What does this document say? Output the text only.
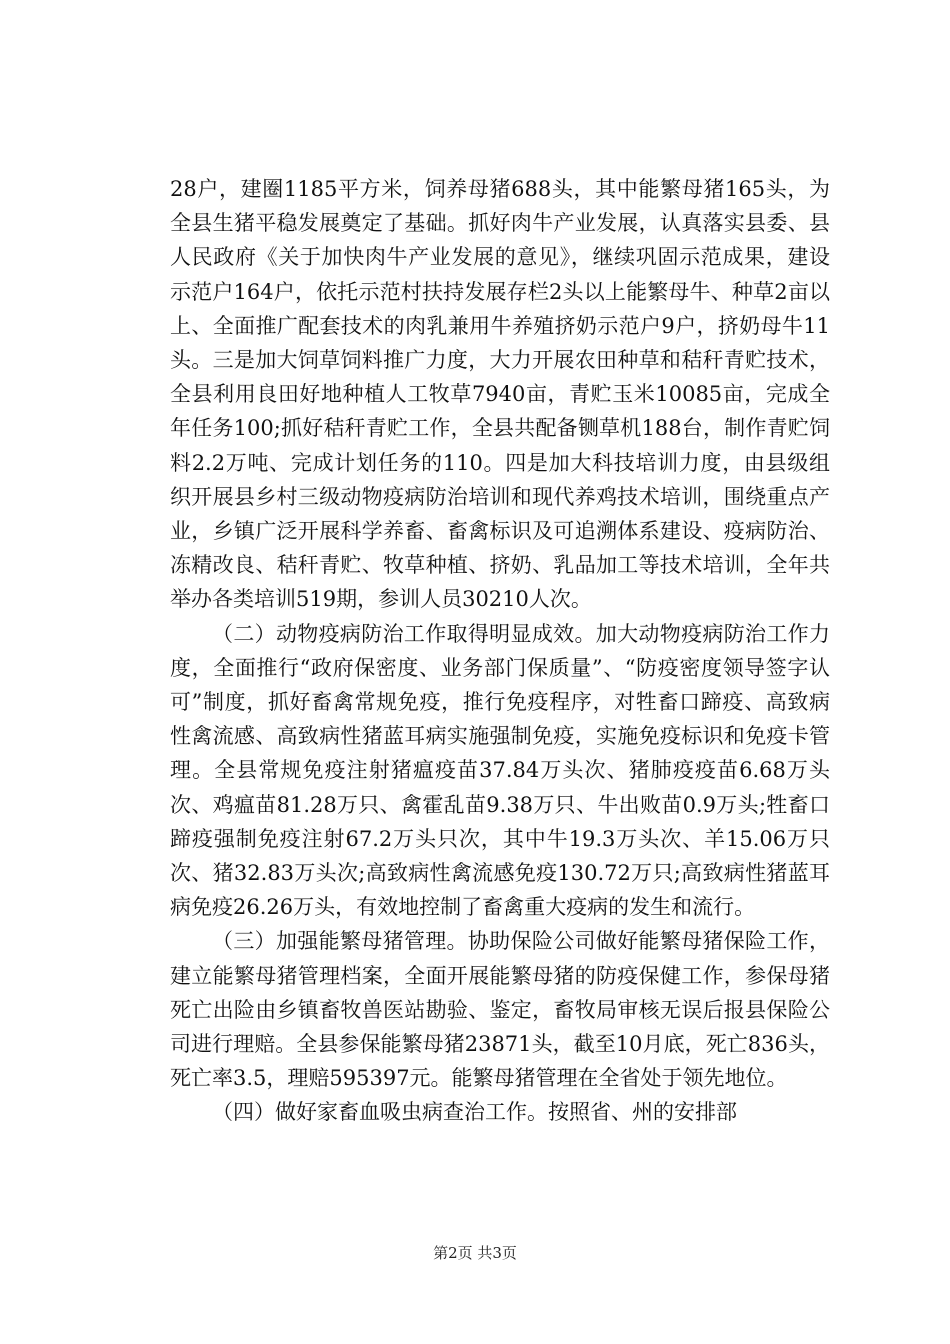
28户，建圈1185平方米，饲养母猪688头，其中能繁母猪165头，为全县生猪平稳发展奠定了基础。抓好肉牛产业发展，认真落实县委、县人民政府《关于加快肉牛产业发展的意见》，继续巩固示范成果，建设示范户164户，依托示范村扶持发展存栏2头以上能繁母牛、种草2亩以上、全面推广配套技术的肉乳兼用牛养殖挤奶示范户9户，挤奶母牛11头。三是加大饲草饲料推广力度，大力开展农田种草和秸秆青贮技术，全县利用良田好地种植人工牧草7940亩，青贮玉米10085亩，完成全年任务100;抓好秸秆青贮工作，全县共配备铡草机188台，制作青贮饲料2.2万吨、完成计划任务的110。四是加大科技培训力度，由县级组织开展县乡村三级动物疫病防治培训和现代养鸡技术培训，围绕重点产业，乡镇广泛开展科学养畜、畜禽标识及可追溯体系建设、疫病防治、冻精改良、秸秆青贮、牧草种植、挤奶、乳品加工等技术培训，全年共举办各类培训519期，参训人员30210人次。

（二）动物疫病防治工作取得明显成效。加大动物疫病防治工作力度，全面推行“政府保密度、业务部门保质量”、“防疫密度领导签字认可”制度，抓好畜禽常规免疫，推行免疫程序，对牲畜口蹄疫、高致病性禽流感、高致病性猪蓝耳病实施强制免疫，实施免疫标识和免疫卡管理。全县常规免疫注射猪瘟疫苗37.84万头次、猪肺疫疫苗6.68万头次、鸡瘟苗81.28万只、禽霍乱苗9.38万只、牛出败苗0.9万头;牲畜口蹄疫强制免疫注射67.2万头只次，其中牛19.3万头次、羊15.06万只次、猪32.83万头次;高致病性禽流感免疫130.72万只;高致病性猪蓝耳病免疫26.26万头，有效地控制了畜禽重大疫病的发生和流行。

（三）加强能繁母猪管理。协助保险公司做好能繁母猪保险工作，建立能繁母猪管理档案，全面开展能繁母猪的防疫保健工作，参保母猪死亡出险由乡镇畜牧兽医站勘验、鉴定，畜牧局审核无误后报县保险公司进行理赔。全县参保能繁母猪23871头，截至10月底，死亡836头，死亡率3.5，理赔595397元。能繁母猪管理在全省处于领先地位。

（四）做好家畜血吸虫病查治工作。按照省、州的安排部

第2页 共3页
